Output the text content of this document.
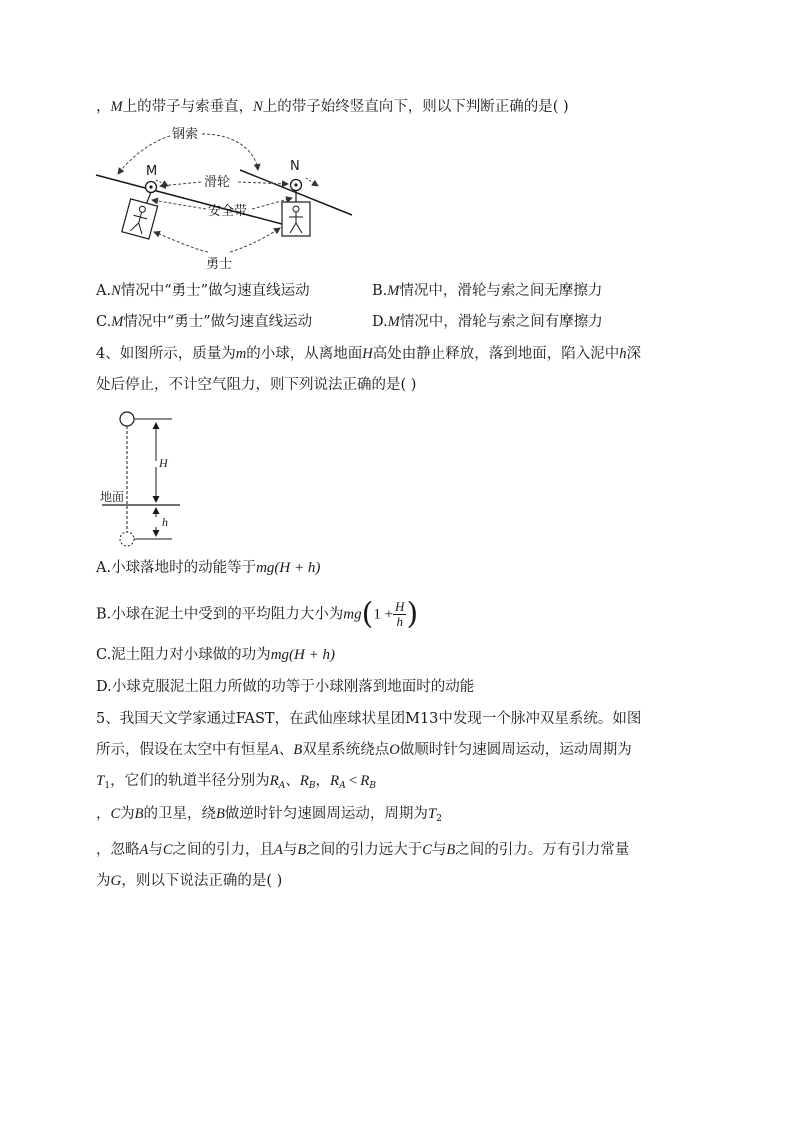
，M上的带子与索垂直，N上的带子始终竖直向下，则以下判断正确的是( )
钢索
M	N
滑轮
安全带
勇士
A.N情况中“勇士”做匀速直线运动	B.M情况中，滑轮与索之间无摩擦力
C.M情况中“勇士”做匀速直线运动	D.M情况中，滑轮与索之间有摩擦力
4、如图所示，质量为m的小球，从离地面H高处由静止释放，落到地面，陷入泥中h深
处后停止，不计空气阻力，则下列说法正确的是( )
H
地面
h
A.小球落地时的动能等于mg(H + h)
B.小球在泥土中受到的平均阻力大小为$mg(1 + \frac{H}{h}$ )
C.泥土阻力对小球做的功为mg(H + h)
D.小球克服泥土阻力所做的功等于小球刚落到地面时的动能
5、我国天文学家通过FAST，在武仙座球状星团M13中发现一个脉冲双星系统。如图
所示，假设在太空中有恒星A、B双星系统绕点O做顺时针匀速圆周运动，运动周期为
$T_1$，它们的轨道半径分别为$R_A$、$R_B$，$R_A < R_B$
，C为B的卫星，绕B做逆时针匀速圆周运动，周期为$T_2$
，忽略A与C之间的引力，且A与B之间的引力远大于C与B之间的引力。万有引力常量
为G，则以下说法正确的是( )
